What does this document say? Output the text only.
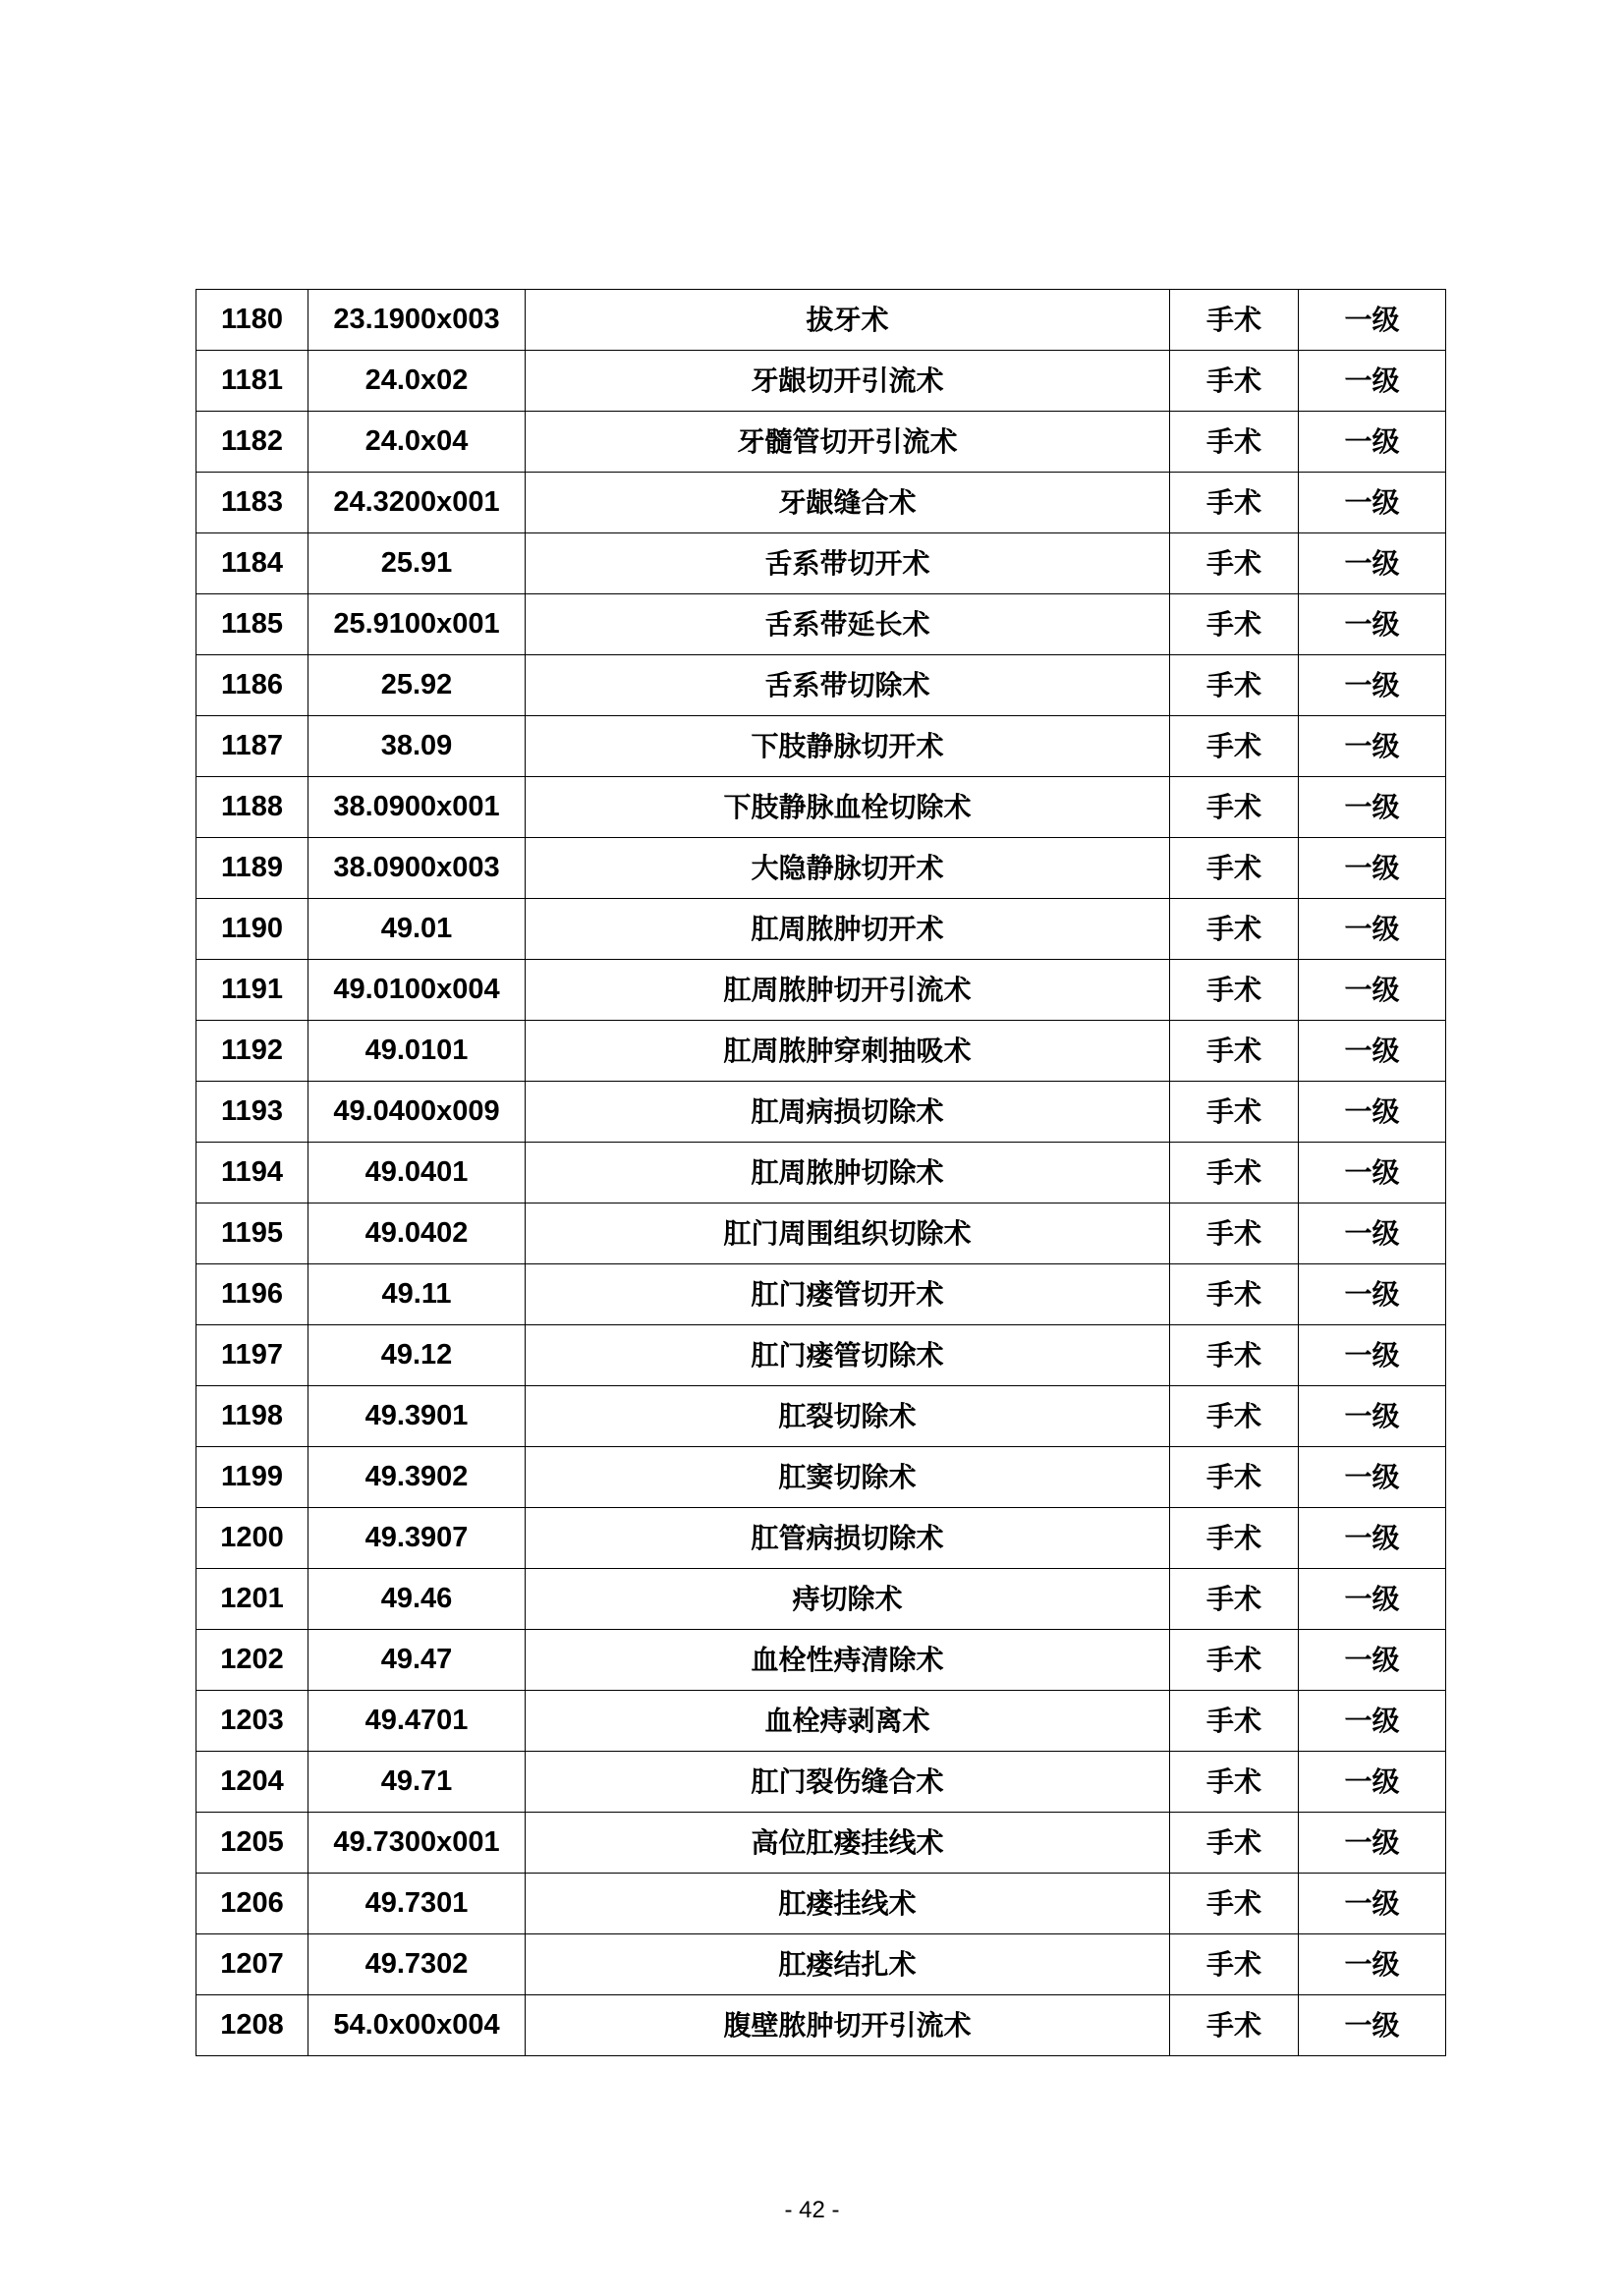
1180	23.1900x003	拔牙术	手术	一级
1181	24.0x02	牙龈切开引流术	手术	一级
1182	24.0x04	牙髓管切开引流术	手术	一级
1183	24.3200x001	牙龈缝合术	手术	一级
1184	25.91	舌系带切开术	手术	一级
1185	25.9100x001	舌系带延长术	手术	一级
1186	25.92	舌系带切除术	手术	一级
1187	38.09	下肢静脉切开术	手术	一级
1188	38.0900x001	下肢静脉血栓切除术	手术	一级
1189	38.0900x003	大隐静脉切开术	手术	一级
1190	49.01	肛周脓肿切开术	手术	一级
1191	49.0100x004	肛周脓肿切开引流术	手术	一级
1192	49.0101	肛周脓肿穿刺抽吸术	手术	一级
1193	49.0400x009	肛周病损切除术	手术	一级
1194	49.0401	肛周脓肿切除术	手术	一级
1195	49.0402	肛门周围组织切除术	手术	一级
1196	49.11	肛门瘘管切开术	手术	一级
1197	49.12	肛门瘘管切除术	手术	一级
1198	49.3901	肛裂切除术	手术	一级
1199	49.3902	肛窦切除术	手术	一级
1200	49.3907	肛管病损切除术	手术	一级
1201	49.46	痔切除术	手术	一级
1202	49.47	血栓性痔清除术	手术	一级
1203	49.4701	血栓痔剥离术	手术	一级
1204	49.71	肛门裂伤缝合术	手术	一级
1205	49.7300x001	高位肛瘘挂线术	手术	一级
1206	49.7301	肛瘘挂线术	手术	一级
1207	49.7302	肛瘘结扎术	手术	一级
1208	54.0x00x004	腹壁脓肿切开引流术	手术	一级
- 42 -
